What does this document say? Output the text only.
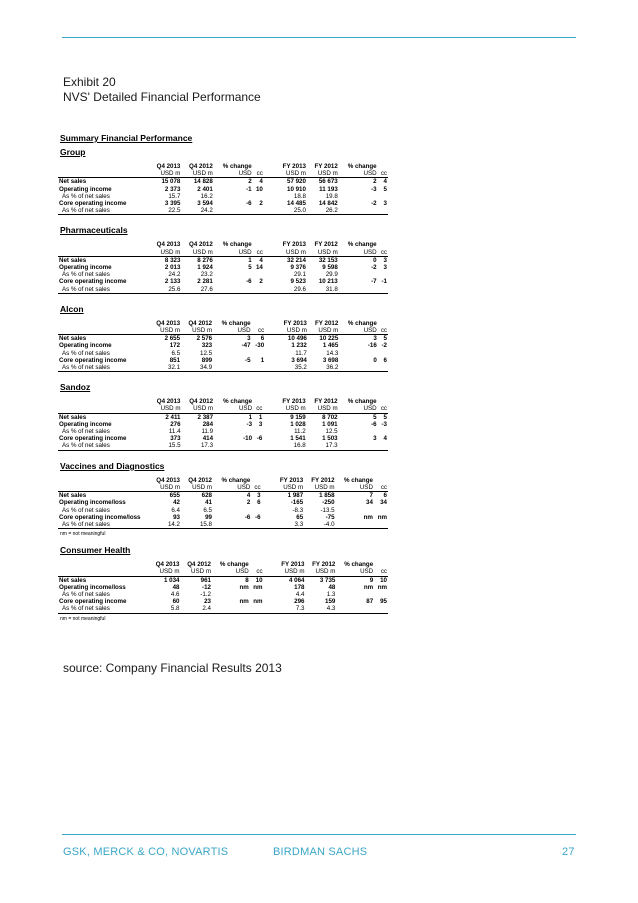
Exhibit 20
NVS' Detailed Financial Performance
Summary Financial Performance
Group
	Q4 2013	Q4 2012	% change		FY 2013	FY 2012	% change	
	USD m	USD m	USD	cc	USD m	USD m	USD	cc
Net sales	15 078	14 828	2	4	57 920	56 673	2	4
Operating income	2 373	2 401	-1	10	10 910	11 193	-3	5
As % of net sales	15.7	16.2			18.8	19.8		
Core operating income	3 395	3 594	-6	2	14 485	14 842	-2	3
As % of net sales	22.5	24.2			25.0	26.2		
Pharmaceuticals
	Q4 2013	Q4 2012	% change		FY 2013	FY 2012	% change	
	USD m	USD m	USD	cc	USD m	USD m	USD	cc
Net sales	8 323	8 276	1	4	32 214	32 153	0	3
Operating income	2 013	1 924	5	14	9 376	9 598	-2	3
As % of net sales	24.2	23.2			29.1	29.9		
Core operating income	2 133	2 281	-6	2	9 523	10 213	-7	-1
As % of net sales	25.6	27.6			29.6	31.8		
Alcon
	Q4 2013	Q4 2012	% change		FY 2013	FY 2012	% change	
	USD m	USD m	USD	cc	USD m	USD m	USD	cc
Net sales	2 655	2 576	3	6	10 496	10 225	3	5
Operating income	172	323	-47	-30	1 232	1 465	-16	-2
As % of net sales	6.5	12.5			11.7	14.3		
Core operating income	851	899	-5	1	3 694	3 698	0	6
As % of net sales	32.1	34.9			35.2	36.2		
Sandoz
	Q4 2013	Q4 2012	% change		FY 2013	FY 2012	% change	
	USD m	USD m	USD	cc	USD m	USD m	USD	cc
Net sales	2 411	2 387	1	1	9 159	8 702	5	5
Operating income	276	284	-3	3	1 028	1 091	-6	-3
As % of net sales	11.4	11.9			11.2	12.5		
Core operating income	373	414	-10	-6	1 541	1 503	3	4
As % of net sales	15.5	17.3			16.8	17.3		
Vaccines and Diagnostics
	Q4 2013	Q4 2012	% change		FY 2013	FY 2012	% change	
	USD m	USD m	USD	cc	USD m	USD m	USD	cc
Net sales	655	628	4	3	1 987	1 858	7	6
Operating income/loss	42	41	2	6	-165	-250	34	34
As % of net sales	6.4	6.5			-8.3	-13.5		
Core operating income/loss	93	99	-6	-6	65	-75	nm	nm
As % of net sales	14.2	15.8			3.3	-4.0		
nm = not meaningful
Consumer Health
	Q4 2013	Q4 2012	% change		FY 2013	FY 2012	% change	
	USD m	USD m	USD	cc	USD m	USD m	USD	cc
Net sales	1 034	961	8	10	4 064	3 735	9	10
Operating income/loss	48	-12	nm	nm	178	48	nm	nm
As % of net sales	4.6	-1.2			4.4	1.3		
Core operating income	60	23	nm	nm	296	159	87	95
As % of net sales	5.8	2.4			7.3	4.3		
nm = not meaningful
source: Company Financial Results 2013
GSK, MERCK & CO, NOVARTIS	BIRDMAN SACHS	27
